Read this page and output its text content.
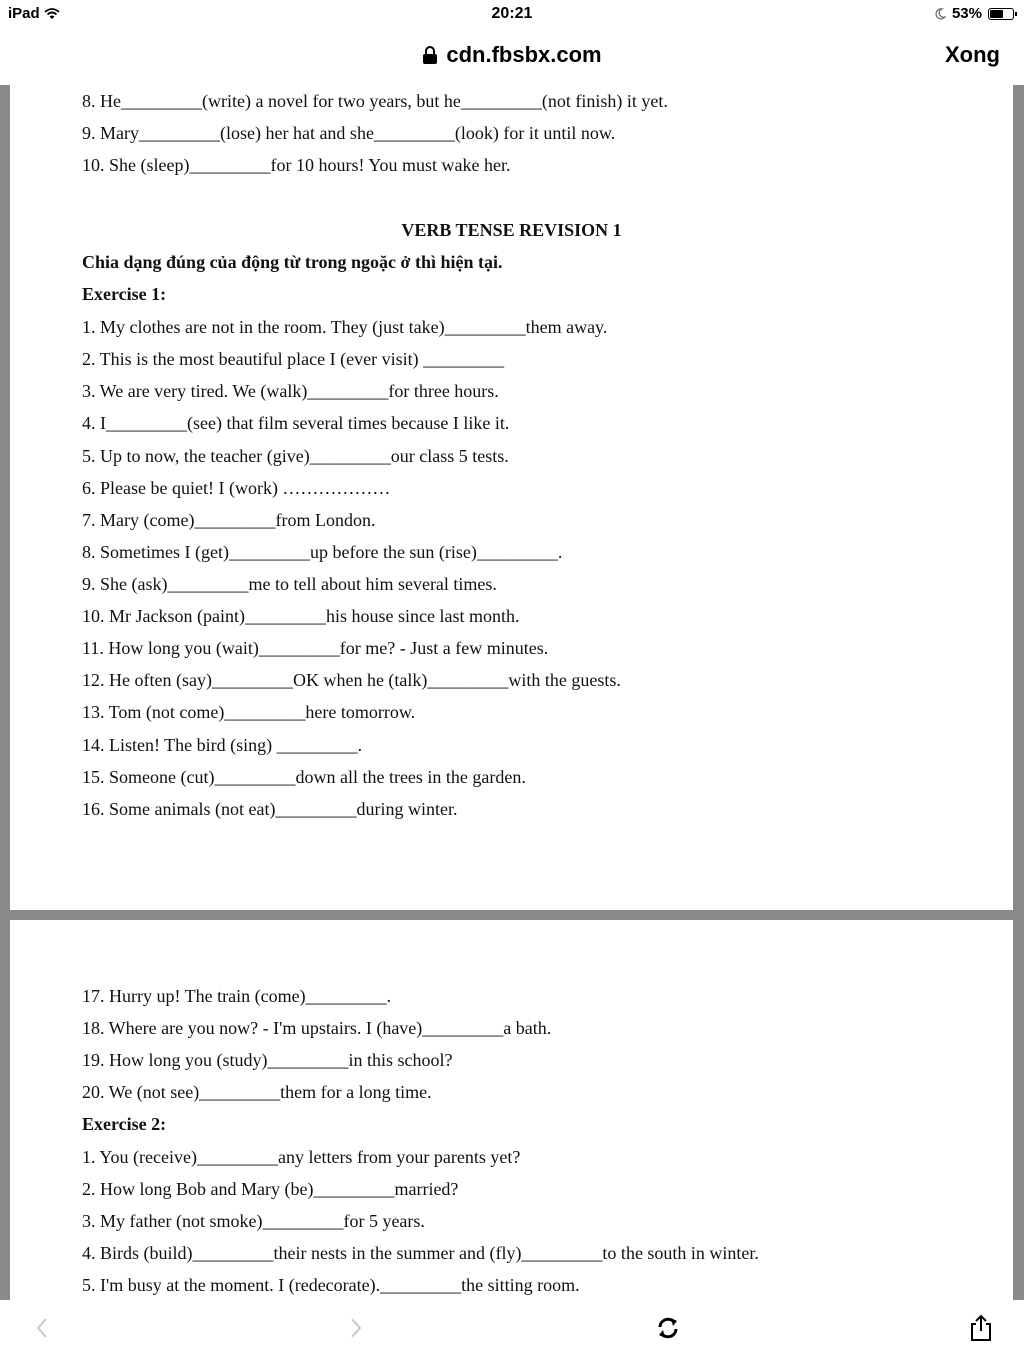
iPad	20:21	53%
cdn.fbsbx.com	Xong
8. He_________(write) a novel for two years, but he_________(not finish) it yet.
9. Mary_________(lose) her hat and she_________(look) for it until now.
10. She (sleep)_________for 10 hours! You must wake her.
VERB TENSE REVISION 1
Chia dạng đúng của động từ trong ngoặc ở thì hiện tại.
Exercise 1:
1. My clothes are not in the room. They (just take)_________them away.
2. This is the most beautiful place I (ever visit) _________
3. We are very tired. We (walk)_________for three hours.
4. I_________(see) that film several times because I like it.
5. Up to now, the teacher (give)_________our class 5 tests.
6. Please be quiet! I (work) ………………
7. Mary (come)_________from London.
8. Sometimes I (get)_________up before the sun (rise)_________.
9. She (ask)_________me to tell about him several times.
10. Mr Jackson (paint)_________his house since last month.
11. How long you (wait)_________for me? - Just a few minutes.
12. He often (say)_________OK when he (talk)_________with the guests.
13. Tom (not come)_________here tomorrow.
14. Listen! The bird (sing) _________.
15. Someone (cut)_________down all the trees in the garden.
16. Some animals (not eat)_________during winter.
17. Hurry up! The train (come)_________.
18. Where are you now? - I'm upstairs. I (have)_________a bath.
19. How long you (study)_________in this school?
20. We (not see)_________them for a long time.
Exercise 2:
1. You (receive)_________any letters from your parents yet?
2. How long Bob and Mary (be)_________married?
3. My father (not smoke)_________for 5 years.
4. Birds (build)_________their nests in the summer and (fly)_________to the south in winter.
5. I'm busy at the moment. I (redecorate)._________the sitting room.
